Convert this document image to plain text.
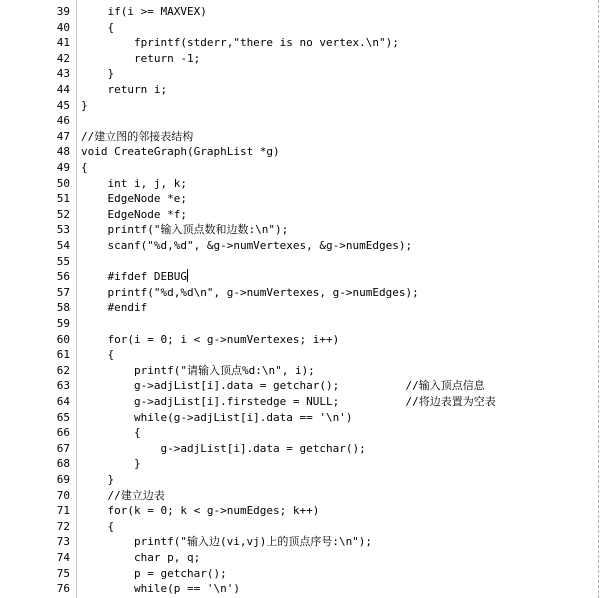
39 if(i >= MAXVEX)
40 {
41 fprintf(stderr,"there is no vertex.\n");
42 return -1;
43 }
44 return i;
45 }
46
47 //建立图的邻接表结构
48 void CreateGraph(GraphList *g)
49 {
50 int i, j, k;
51 EdgeNode *e;
52 EdgeNode *f;
53 printf("输入顶点数和边数:\n");
54 scanf("%d,%d", &g->numVertexes, &g->numEdges);
55
56 #ifdef DEBUG
57 printf("%d,%d\n", g->numVertexes, g->numEdges);
58 #endif
59
60 for(i = 0; i < g->numVertexes; i++)
61 {
62 printf("请输入顶点%d:\n", i);
63 g->adjList[i].data = getchar();          //输入顶点信息
64 g->adjList[i].firstedge = NULL;          //将边表置为空表
65 while(g->adjList[i].data == '\n')
66 {
67 g->adjList[i].data = getchar();
68 }
69 }
70 //建立边表
71 for(k = 0; k < g->numEdges; k++)
72 {
73 printf("输入边(vi,vj)上的顶点序号:\n");
74 char p, q;
75 p = getchar();
76 while(p == '\n')
